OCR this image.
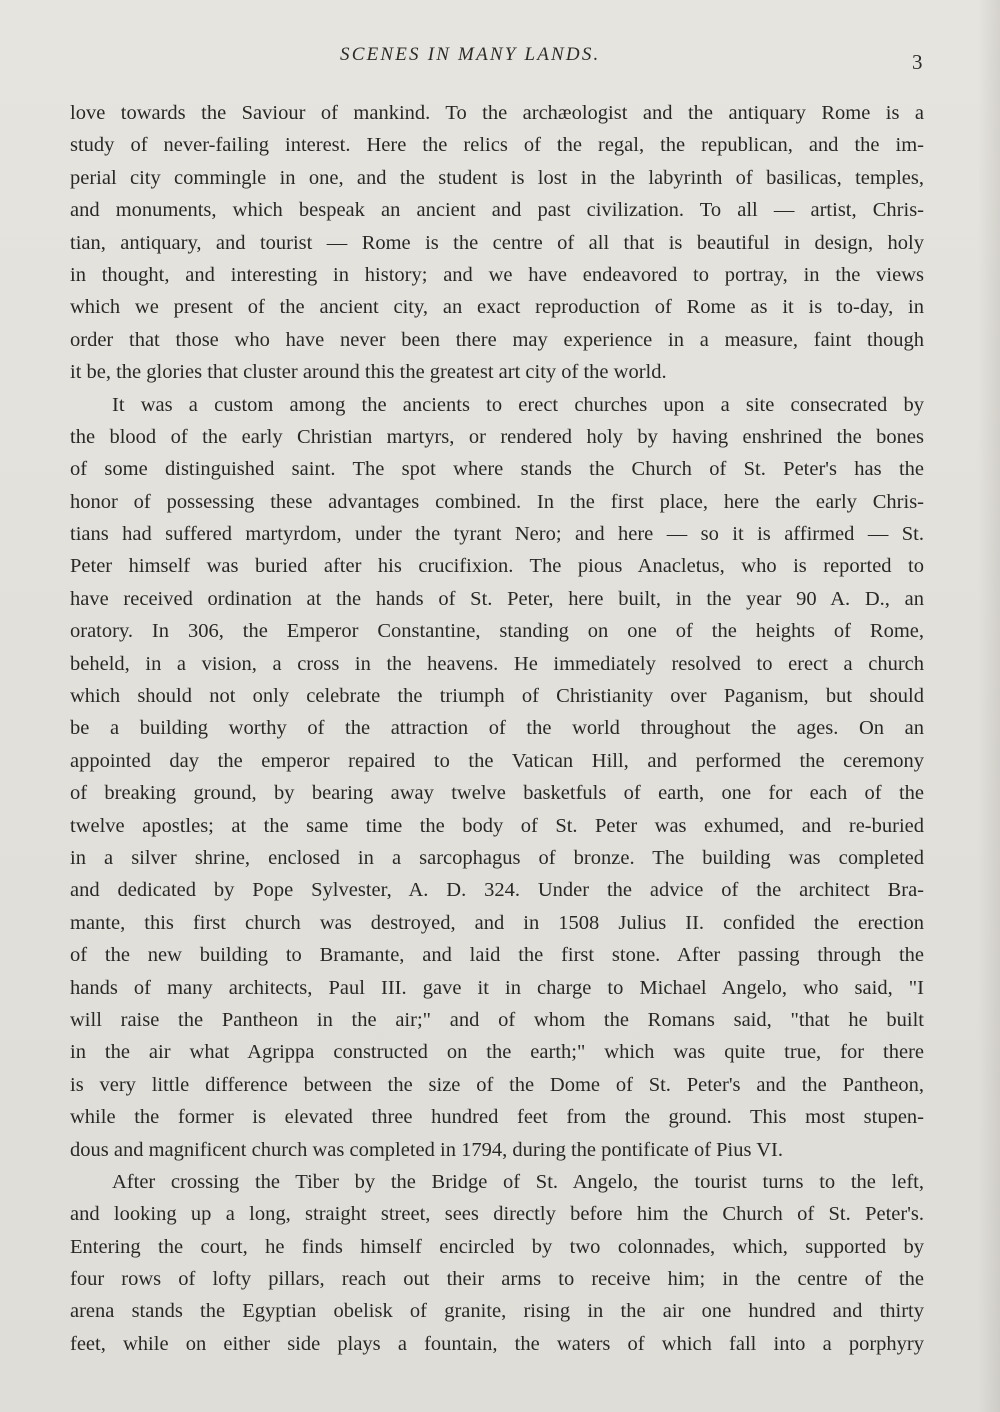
SCENES IN MANY LANDS.	3
love towards the Saviour of mankind. To the archæologist and the antiquary Rome is a
study of never-failing interest. Here the relics of the regal, the republican, and the im-
perial city commingle in one, and the student is lost in the labyrinth of basilicas, temples,
and monuments, which bespeak an ancient and past civilization. To all — artist, Chris-
tian, antiquary, and tourist — Rome is the centre of all that is beautiful in design, holy
in thought, and interesting in history; and we have endeavored to portray, in the views
which we present of the ancient city, an exact reproduction of Rome as it is to-day, in
order that those who have never been there may experience in a measure, faint though
it be, the glories that cluster around this the greatest art city of the world.
It was a custom among the ancients to erect churches upon a site consecrated by
the blood of the early Christian martyrs, or rendered holy by having enshrined the bones
of some distinguished saint. The spot where stands the Church of St. Peter's has the
honor of possessing these advantages combined. In the first place, here the early Chris-
tians had suffered martyrdom, under the tyrant Nero; and here — so it is affirmed — St.
Peter himself was buried after his crucifixion. The pious Anacletus, who is reported to
have received ordination at the hands of St. Peter, here built, in the year 90 A. D., an
oratory. In 306, the Emperor Constantine, standing on one of the heights of Rome,
beheld, in a vision, a cross in the heavens. He immediately resolved to erect a church
which should not only celebrate the triumph of Christianity over Paganism, but should
be a building worthy of the attraction of the world throughout the ages. On an
appointed day the emperor repaired to the Vatican Hill, and performed the ceremony
of breaking ground, by bearing away twelve basketfuls of earth, one for each of the
twelve apostles; at the same time the body of St. Peter was exhumed, and re-buried
in a silver shrine, enclosed in a sarcophagus of bronze. The building was completed
and dedicated by Pope Sylvester, A. D. 324. Under the advice of the architect Bra-
mante, this first church was destroyed, and in 1508 Julius II. confided the erection
of the new building to Bramante, and laid the first stone. After passing through the
hands of many architects, Paul III. gave it in charge to Michael Angelo, who said, "I
will raise the Pantheon in the air;" and of whom the Romans said, "that he built
in the air what Agrippa constructed on the earth;" which was quite true, for there
is very little difference between the size of the Dome of St. Peter's and the Pantheon,
while the former is elevated three hundred feet from the ground. This most stupen-
dous and magnificent church was completed in 1794, during the pontificate of Pius VI.
After crossing the Tiber by the Bridge of St. Angelo, the tourist turns to the left,
and looking up a long, straight street, sees directly before him the Church of St. Peter's.
Entering the court, he finds himself encircled by two colonnades, which, supported by
four rows of lofty pillars, reach out their arms to receive him; in the centre of the
arena stands the Egyptian obelisk of granite, rising in the air one hundred and thirty
feet, while on either side plays a fountain, the waters of which fall into a porphyry
